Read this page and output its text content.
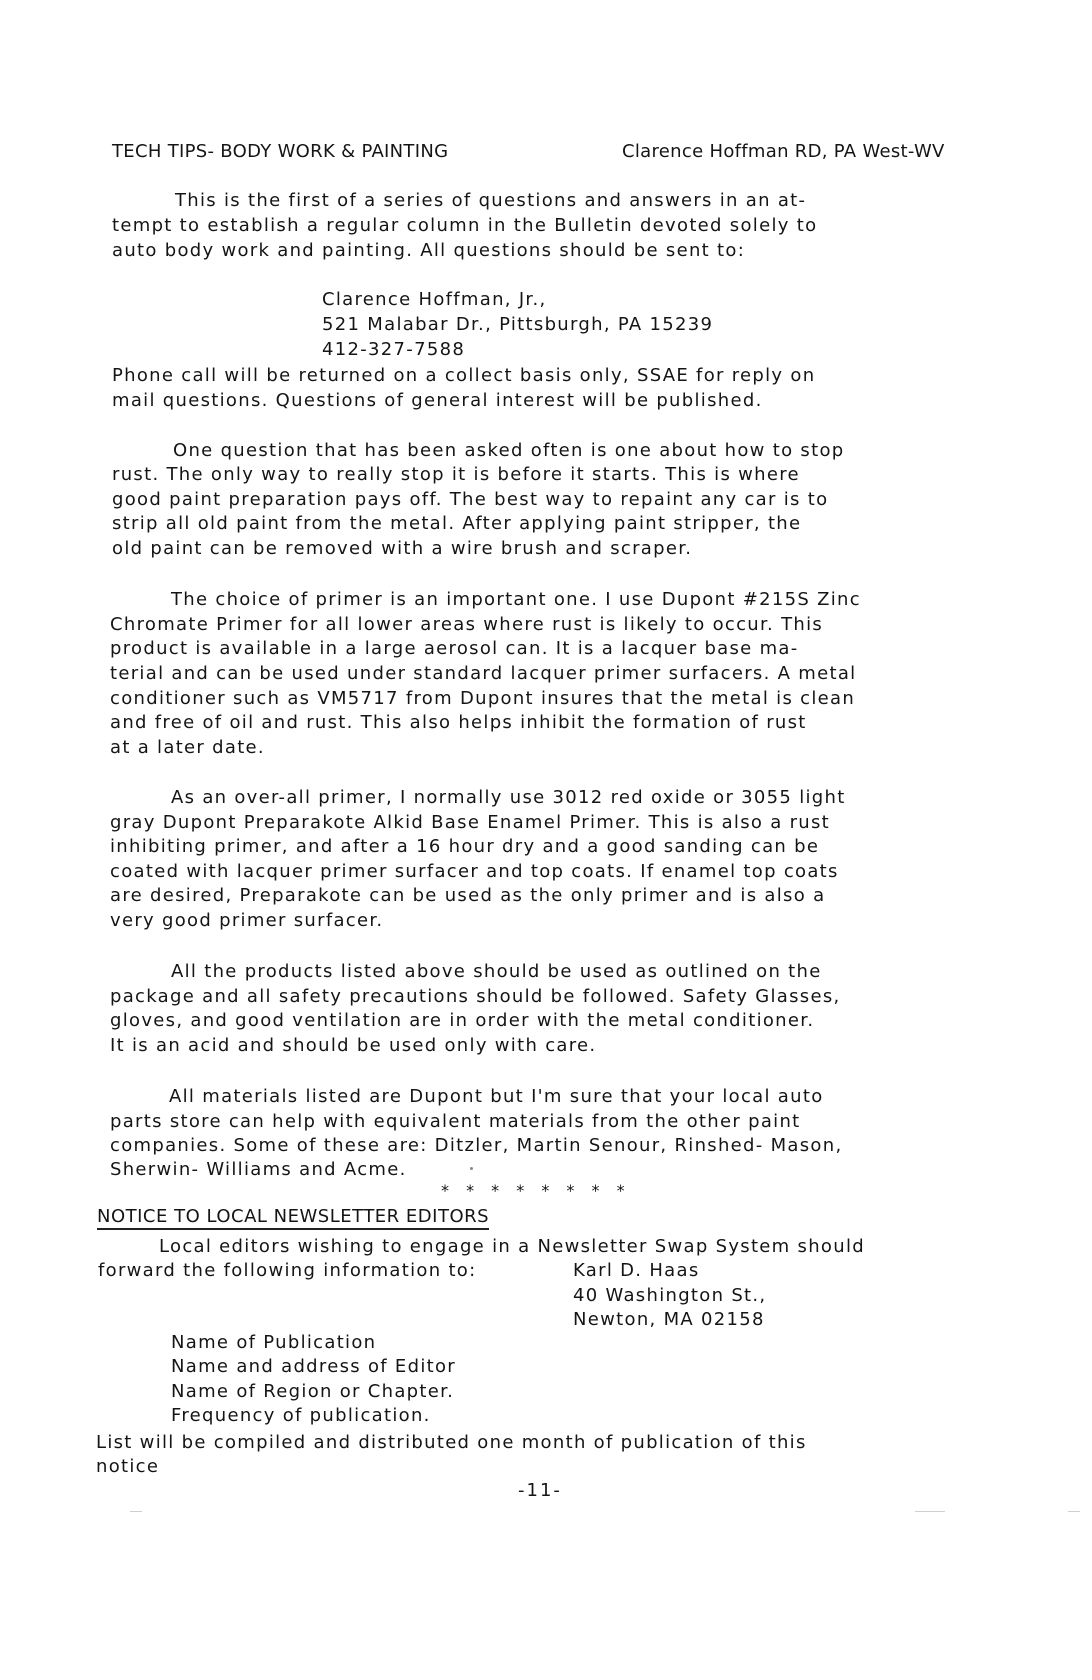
TECH TIPS- BODY WORK & PAINTING	Clarence Hoffman RD, PA West-WV
This is the first of a series of questions and answers in an at-
tempt to establish a regular column in the Bulletin devoted solely to
auto body work and painting. All questions should be sent to:
Clarence Hoffman, Jr.,
521 Malabar Dr., Pittsburgh, PA 15239
412-327-7588
Phone call will be returned on a collect basis only, SSAE for reply on
mail questions. Questions of general interest will be published.
One question that has been asked often is one about how to stop
rust. The only way to really stop it is before it starts. This is where
good paint preparation pays off. The best way to repaint any car is to
strip all old paint from the metal. After applying paint stripper, the
old paint can be removed with a wire brush and scraper.
The choice of primer is an important one. I use Dupont #215S Zinc
Chromate Primer for all lower areas where rust is likely to occur. This
product is available in a large aerosol can. It is a lacquer base ma-
terial and can be used under standard lacquer primer surfacers. A metal
conditioner such as VM5717 from Dupont insures that the metal is clean
and free of oil and rust. This also helps inhibit the formation of rust
at a later date.
As an over-all primer, I normally use 3012 red oxide or 3055 light
gray Dupont Preparakote Alkid Base Enamel Primer. This is also a rust
inhibiting primer, and after a 16 hour dry and a good sanding can be
coated with lacquer primer surfacer and top coats. If enamel top coats
are desired, Preparakote can be used as the only primer and is also a
very good primer surfacer.
All the products listed above should be used as outlined on the
package and all safety precautions should be followed. Safety Glasses,
gloves, and good ventilation are in order with the metal conditioner.
It is an acid and should be used only with care.
All materials listed are Dupont but I'm sure that your local auto
parts store can help with equivalent materials from the other paint
companies. Some of these are: Ditzler, Martin Senour, Rinshed- Mason,
Sherwin- Williams and Acme.
* * * * * * * *
NOTICE TO LOCAL NEWSLETTER EDITORS
Local editors wishing to engage in a Newsletter Swap System should
forward the following information to:	Karl D. Haas
40 Washington St.,
Newton, MA 02158
Name of Publication
Name and address of Editor
Name of Region or Chapter.
Frequency of publication.
List will be compiled and distributed one month of publication of this
notice
-11-
